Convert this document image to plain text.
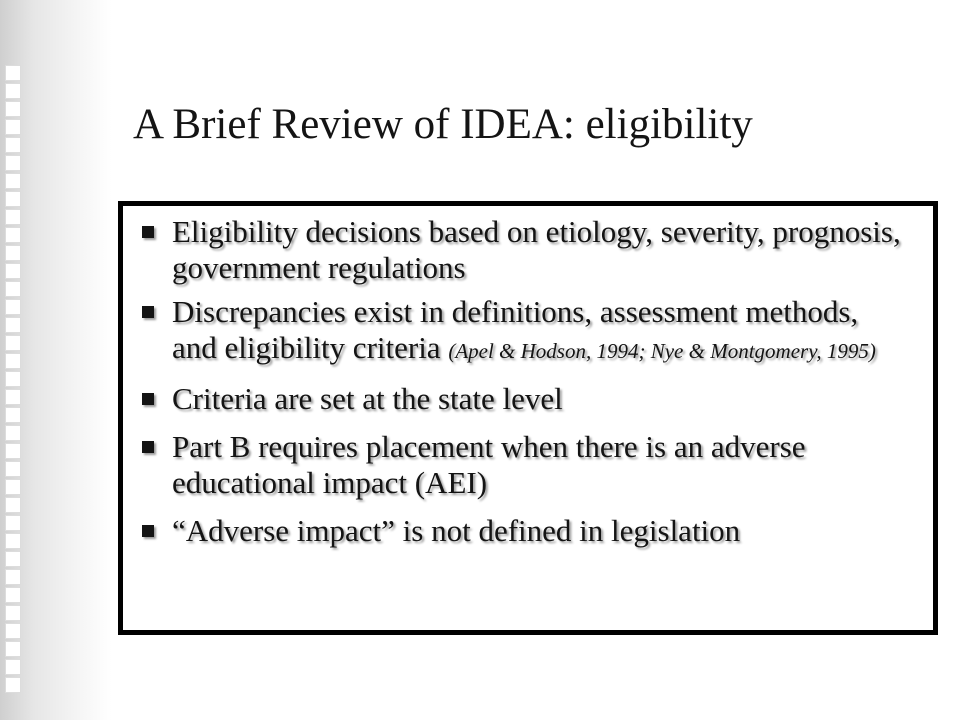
A Brief Review of IDEA: eligibility
Eligibility decisions based on etiology, severity, prognosis, government regulations
Discrepancies exist in definitions, assessment methods, and eligibility criteria (Apel & Hodson, 1994; Nye & Montgomery, 1995)
Criteria are set at the state level
Part B requires placement when there is an adverse educational impact (AEI)
“Adverse impact” is not defined in legislation
